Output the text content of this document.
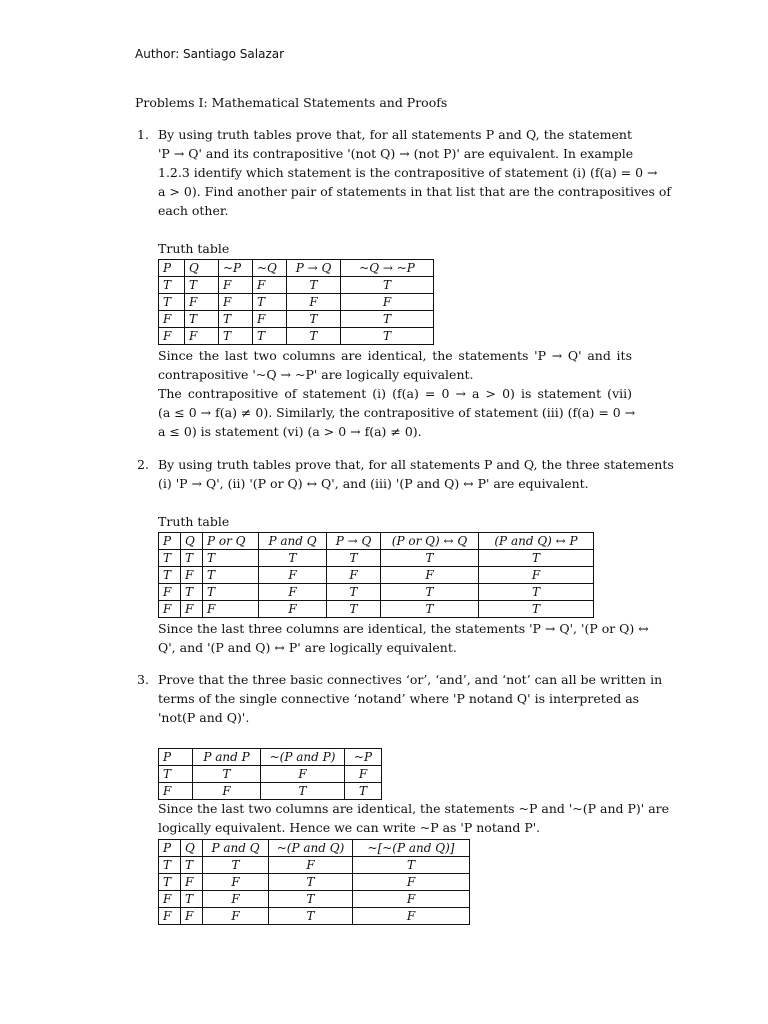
Author: Santiago Salazar
Problems I: Mathematical Statements and Proofs
1. By using truth tables prove that, for all statements P and Q, the statement
'P → Q' and its contrapositive '(not Q) → (not P)' are equivalent. In example
1.2.3 identify which statement is the contrapositive of statement (i) (f(a) = 0 →
a > 0). Find another pair of statements in that list that are the contrapositives of
each other.
Truth table
P	Q	~P	~Q	P → Q	~Q → ~P
T	T	F	F	T	T
T	F	F	T	F	F
F	T	T	F	T	T
F	F	T	T	T	T
Since the last two columns are identical, the statements 'P → Q' and its
contrapositive '~Q → ~P' are logically equivalent.
The contrapositive of statement (i) (f(a) = 0 → a > 0) is statement (vii)
(a ≤ 0 → f(a) ≠ 0). Similarly, the contrapositive of statement (iii) (f(a) = 0 →
a ≤ 0) is statement (vi) (a > 0 → f(a) ≠ 0).
2. By using truth tables prove that, for all statements P and Q, the three statements
(i) 'P → Q', (ii) '(P or Q) ↔ Q', and (iii) '(P and Q) ↔ P' are equivalent.
Truth table
P	Q	P or Q	P and Q	P → Q	(P or Q) ↔ Q	(P and Q) ↔ P
T	T	T	T	T	T	T
T	F	T	F	F	F	F
F	T	T	F	T	T	T
F	F	F	F	T	T	T
Since the last three columns are identical, the statements 'P → Q', '(P or Q) ↔
Q', and '(P and Q) ↔ P' are logically equivalent.
3. Prove that the three basic connectives ‘or’, ‘and’, and ‘not’ can all be written in
terms of the single connective ‘notand’ where 'P notand Q' is interpreted as
'not(P and Q)'.
P	P and P	~(P and P)	~P
T	T	F	F
F	F	T	T
Since the last two columns are identical, the statements ~P and '~(P and P)' are
logically equivalent. Hence we can write ~P as 'P notand P'.
P	Q	P and Q	~(P and Q)	~[~(P and Q)]
T	T	T	F	T
T	F	F	T	F
F	T	F	T	F
F	F	F	T	F
